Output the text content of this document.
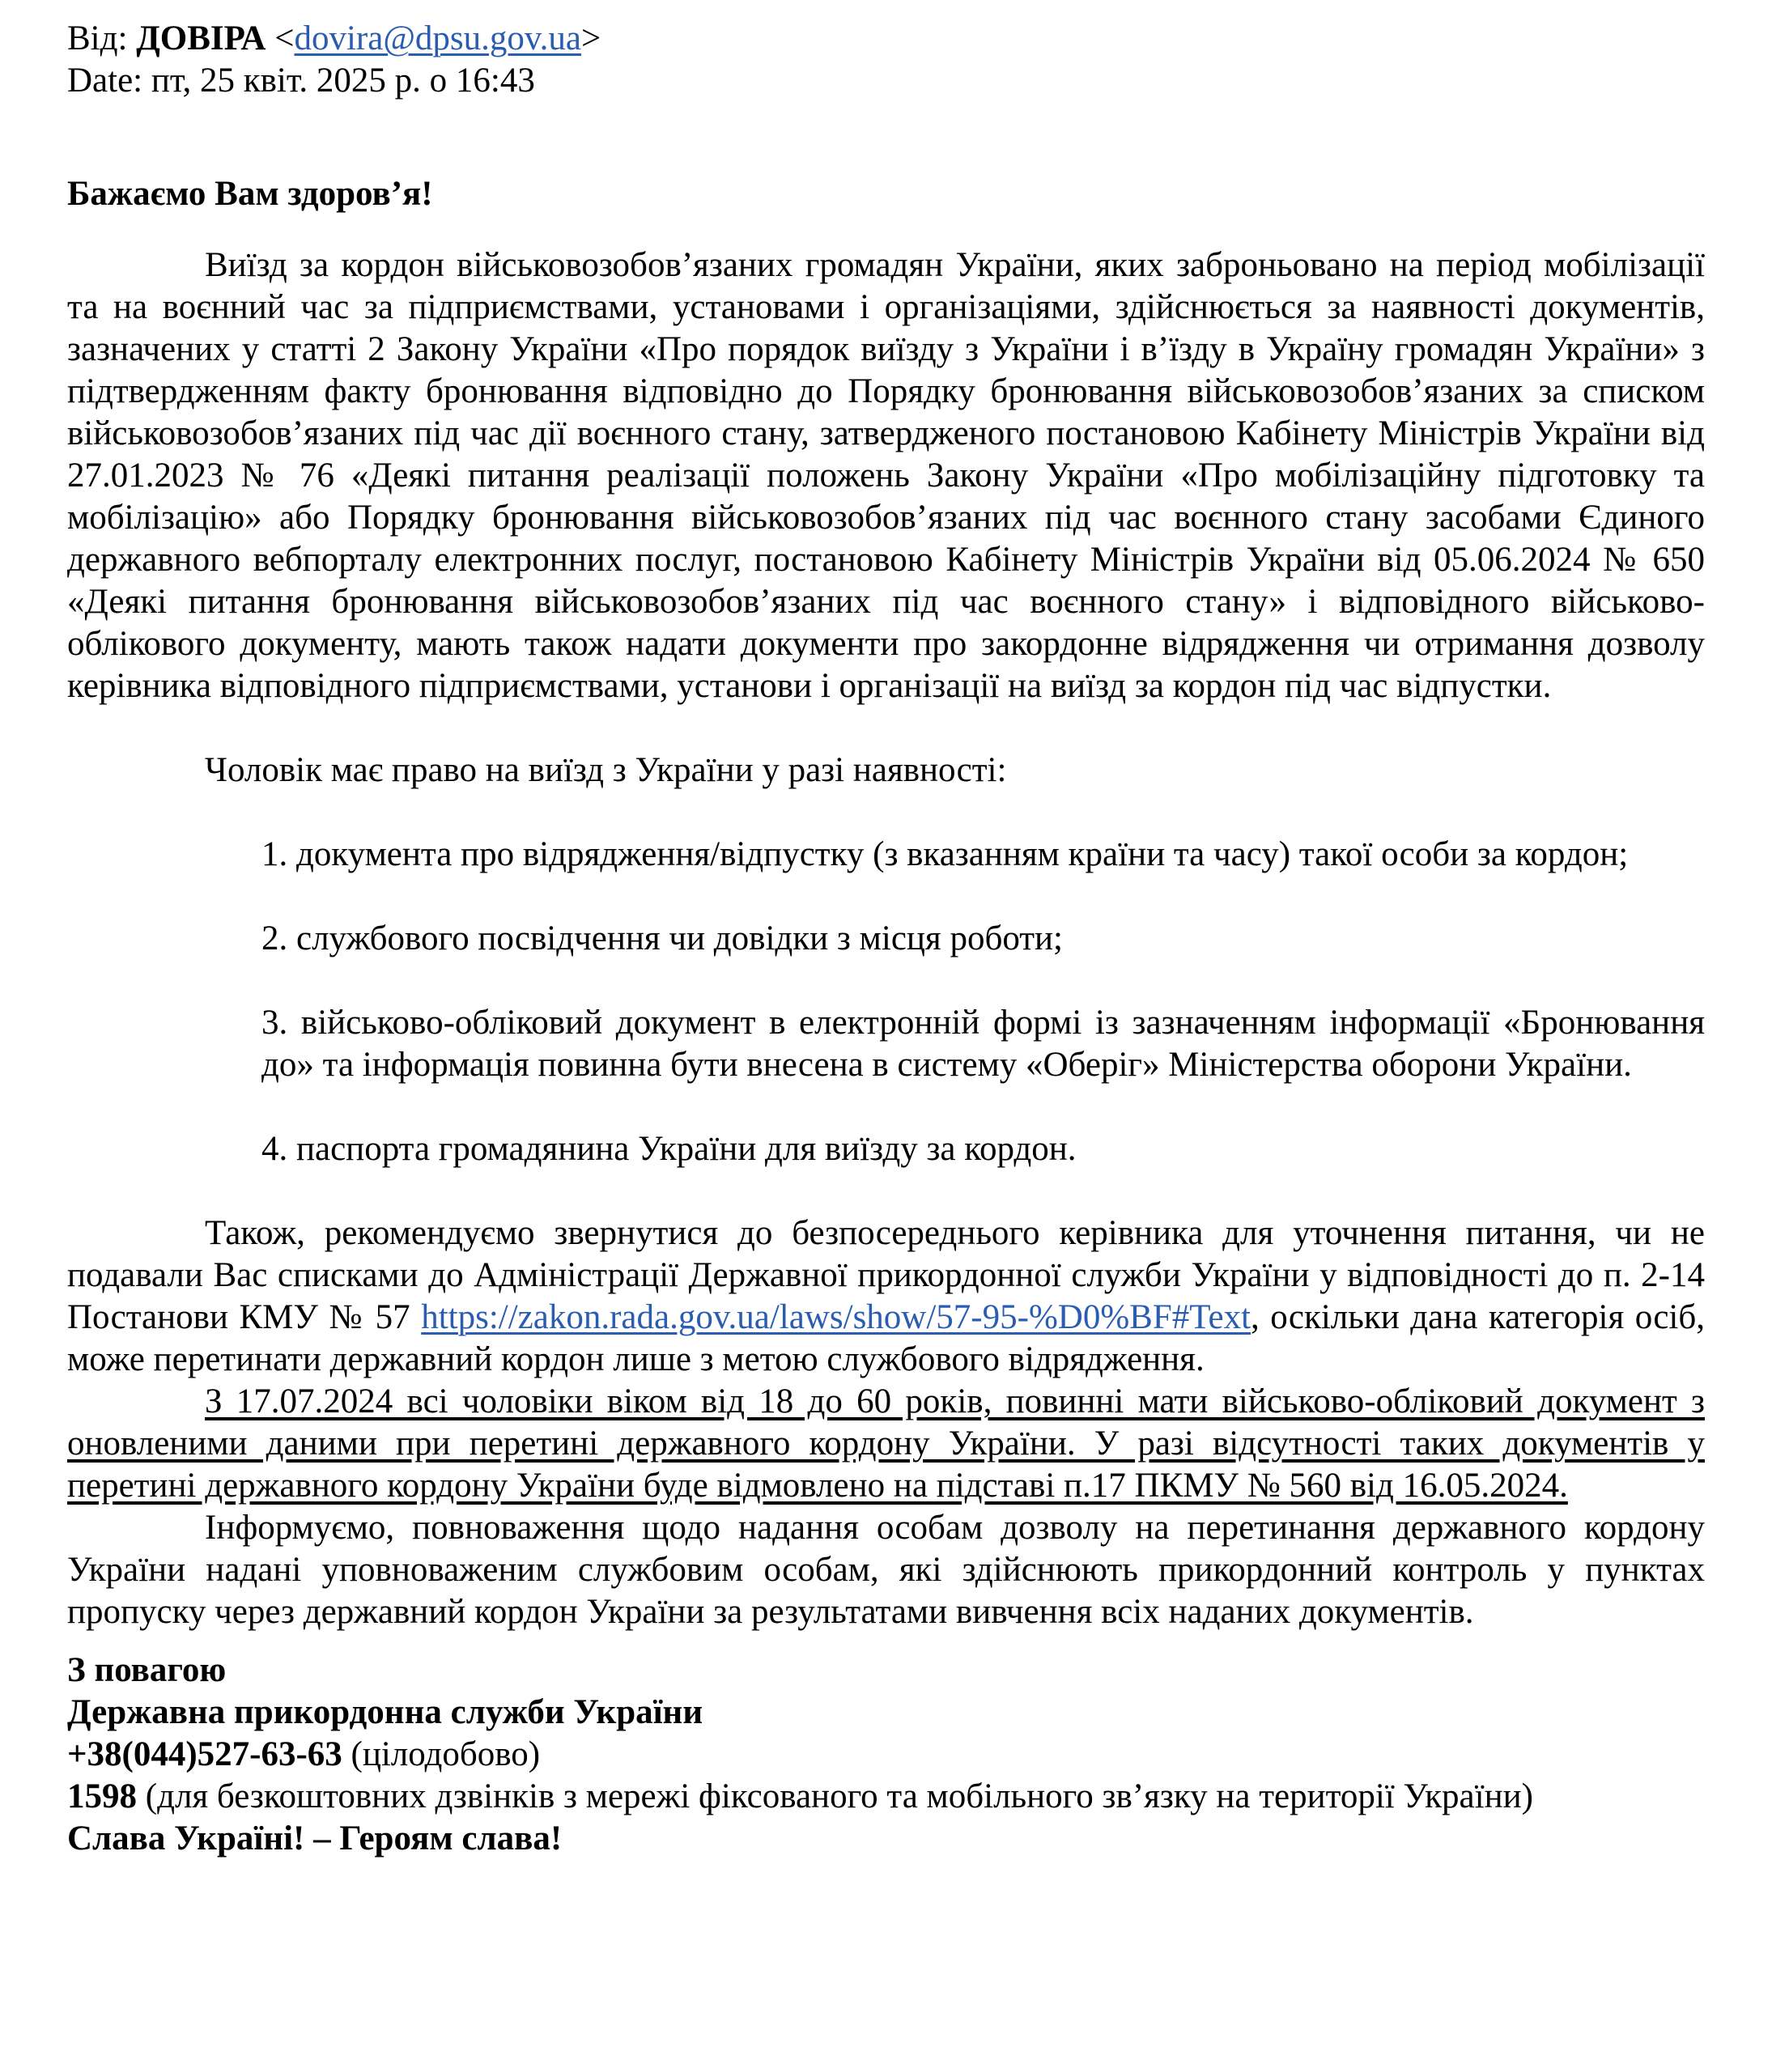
Від: ДОВІРА <dovira@dpsu.gov.ua>

Date: пт, 25 квіт. 2025 р. о 16:43

Бажаємо Вам здоров’я!

Виїзд за кордон військовозобов’язаних громадян України, яких заброньовано на період мобілізації та на воєнний час за підприємствами, установами і організаціями, здійснюється за наявності документів, зазначених у статті 2 Закону України «Про порядок виїзду з України і в’їзду в Україну громадян України» з підтвердженням факту бронювання відповідно до Порядку бронювання військовозобов’язаних за списком військовозобов’язаних під час дії воєнного стану, затвердженого постановою Кабінету Міністрів України від 27.01.2023 № 76 «Деякі питання реалізації положень Закону України «Про мобілізаційну підготовку та мобілізацію» або Порядку бронювання військовозобов’язаних під час воєнного стану засобами Єдиного державного вебпорталу електронних послуг, постановою Кабінету Міністрів України від 05.06.2024 № 650 «Деякі питання бронювання військовозобов’язаних під час воєнного стану» і відповідного військово-облікового документу, мають також надати документи про закордонне відрядження чи отримання дозволу керівника відповідного підприємствами, установи і організації на виїзд за кордон під час відпустки.

Чоловік має право на виїзд з України у разі наявності:

1. документа про відрядження/відпустку (з вказанням країни та часу) такої особи за кордон;

2. службового посвідчення чи довідки з місця роботи;

3. військово-обліковий документ в електронній формі із зазначенням інформації «Бронювання до» та інформація повинна бути внесена в систему «Оберіг» Міністерства оборони України.

4. паспорта громадянина України для виїзду за кордон.

Також, рекомендуємо звернутися до безпосереднього керівника для уточнення питання, чи не подавали Вас списками до Адміністрації Державної прикордонної служби України у відповідності до п. 2-14 Постанови КМУ № 57 https://zakon.rada.gov.ua/laws/show/57-95-%D0%BF#Text, оскільки дана категорія осіб, може перетинати державний кордон лише з метою службового відрядження.

З 17.07.2024 всі чоловіки віком від 18 до 60 років, повинні мати військово-обліковий документ з оновленими даними при перетині державного кордону України. У разі відсутності таких документів у перетині державного кордону України буде відмовлено на підставі п.17 ПКМУ № 560 від 16.05.2024.

Інформуємо, повноваження щодо надання особам дозволу на перетинання державного кордону України надані уповноваженим службовим особам, які здійснюють прикордонний контроль у пунктах пропуску через державний кордон України за результатами вивчення всіх наданих документів.

З повагою

Державна прикордонна служби України

+38(044)527-63-63 (цілодобово)

1598 (для безкоштовних дзвінків з мережі фіксованого та мобільного зв’язку на території України)

Слава Україні! – Героям слава!
